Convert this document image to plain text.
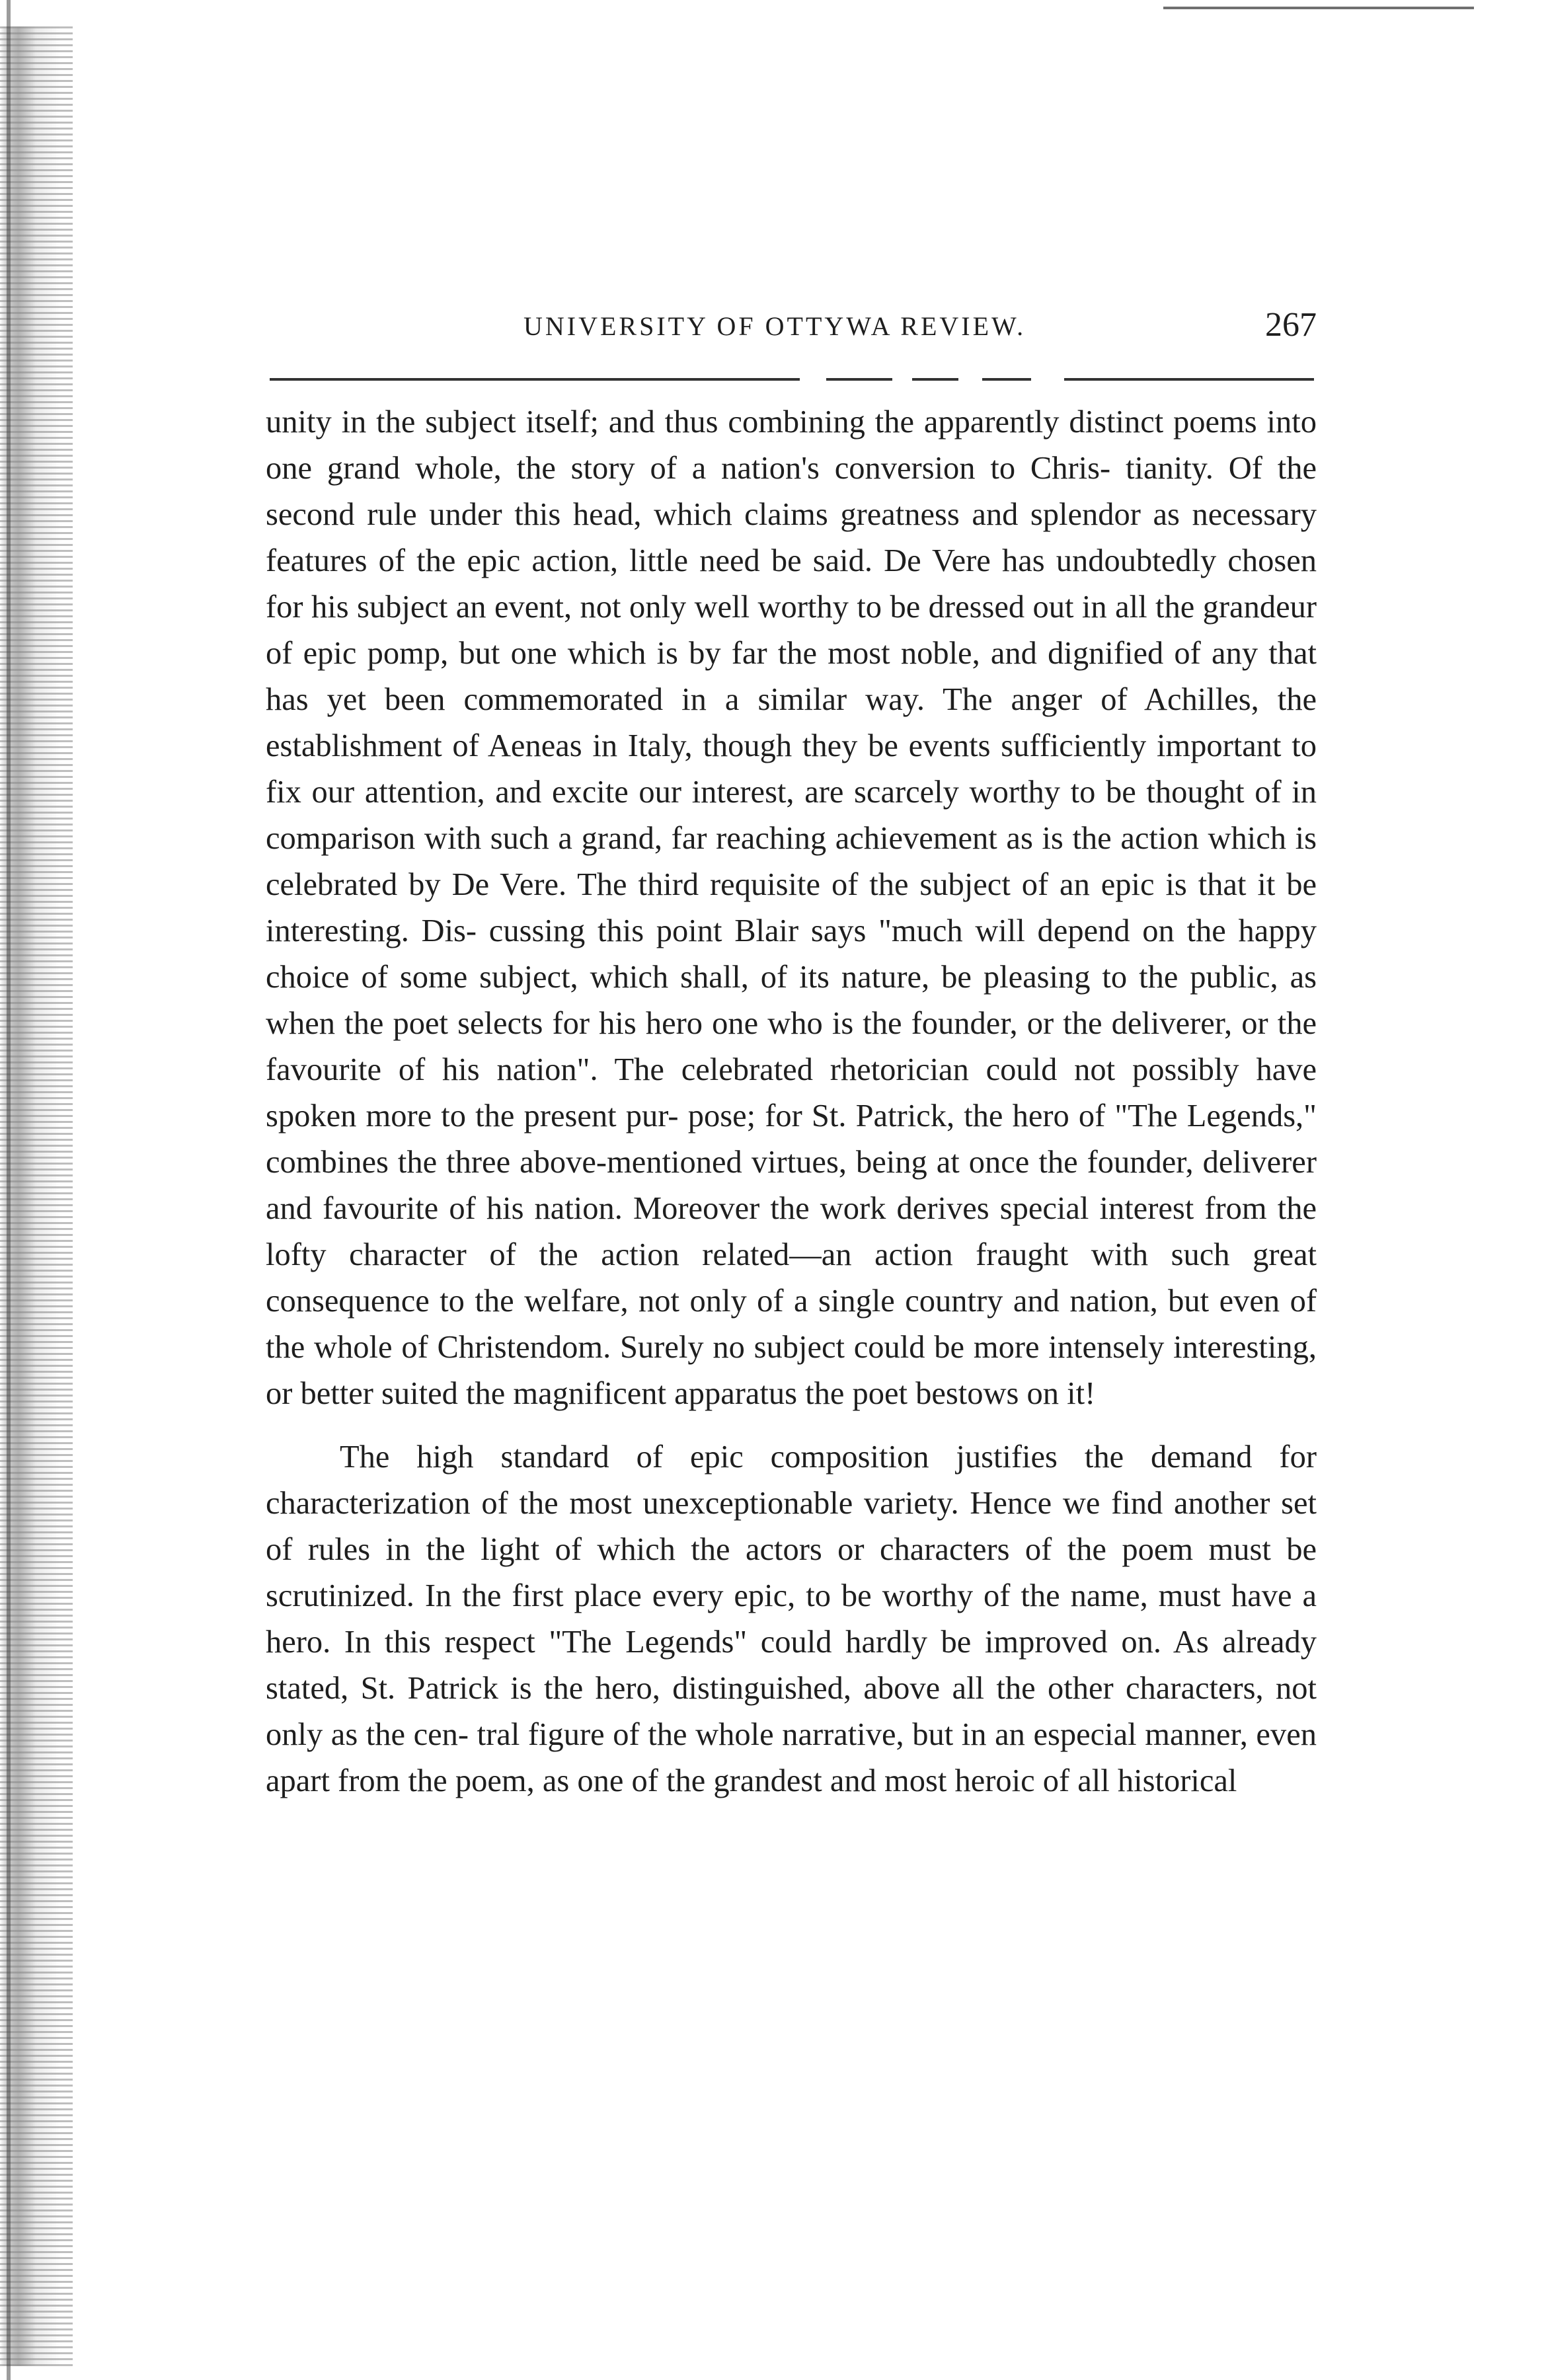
UNIVERSITY OF OTTYWA REVIEW.	267

unity in the subject itself; and thus combining the apparently distinct poems into one grand whole, the story of a nation's conversion to Chris- tianity. Of the second rule under this head, which claims greatness and splendor as necessary features of the epic action, little need be said. De Vere has undoubtedly chosen for his subject an event, not only well worthy to be dressed out in all the grandeur of epic pomp, but one which is by far the most noble, and dignified of any that has yet been commemorated in a similar way. The anger of Achilles, the establishment of Aeneas in Italy, though they be events sufficiently important to fix our attention, and excite our interest, are scarcely worthy to be thought of in comparison with such a grand, far reaching achievement as is the action which is celebrated by De Vere. The third requisite of the subject of an epic is that it be interesting. Dis- cussing this point Blair says "much will depend on the happy choice of some subject, which shall, of its nature, be pleasing to the public, as when the poet selects for his hero one who is the founder, or the deliverer, or the favourite of his nation". The celebrated rhetorician could not possibly have spoken more to the present pur- pose; for St. Patrick, the hero of "The Legends," combines the three above-mentioned virtues, being at once the founder, deliverer and favourite of his nation. Moreover the work derives special interest from the lofty character of the action related—an action fraught with such great consequence to the welfare, not only of a single country and nation, but even of the whole of Christendom. Surely no subject could be more intensely interesting, or better suited the magnificent apparatus the poet bestows on it!

The high standard of epic composition justifies the demand for characterization of the most unexceptionable variety. Hence we find another set of rules in the light of which the actors or characters of the poem must be scrutinized. In the first place every epic, to be worthy of the name, must have a hero. In this respect "The Legends" could hardly be improved on. As already stated, St. Patrick is the hero, distinguished, above all the other characters, not only as the cen- tral figure of the whole narrative, but in an especial manner, even apart from the poem, as one of the grandest and most heroic of all historical
